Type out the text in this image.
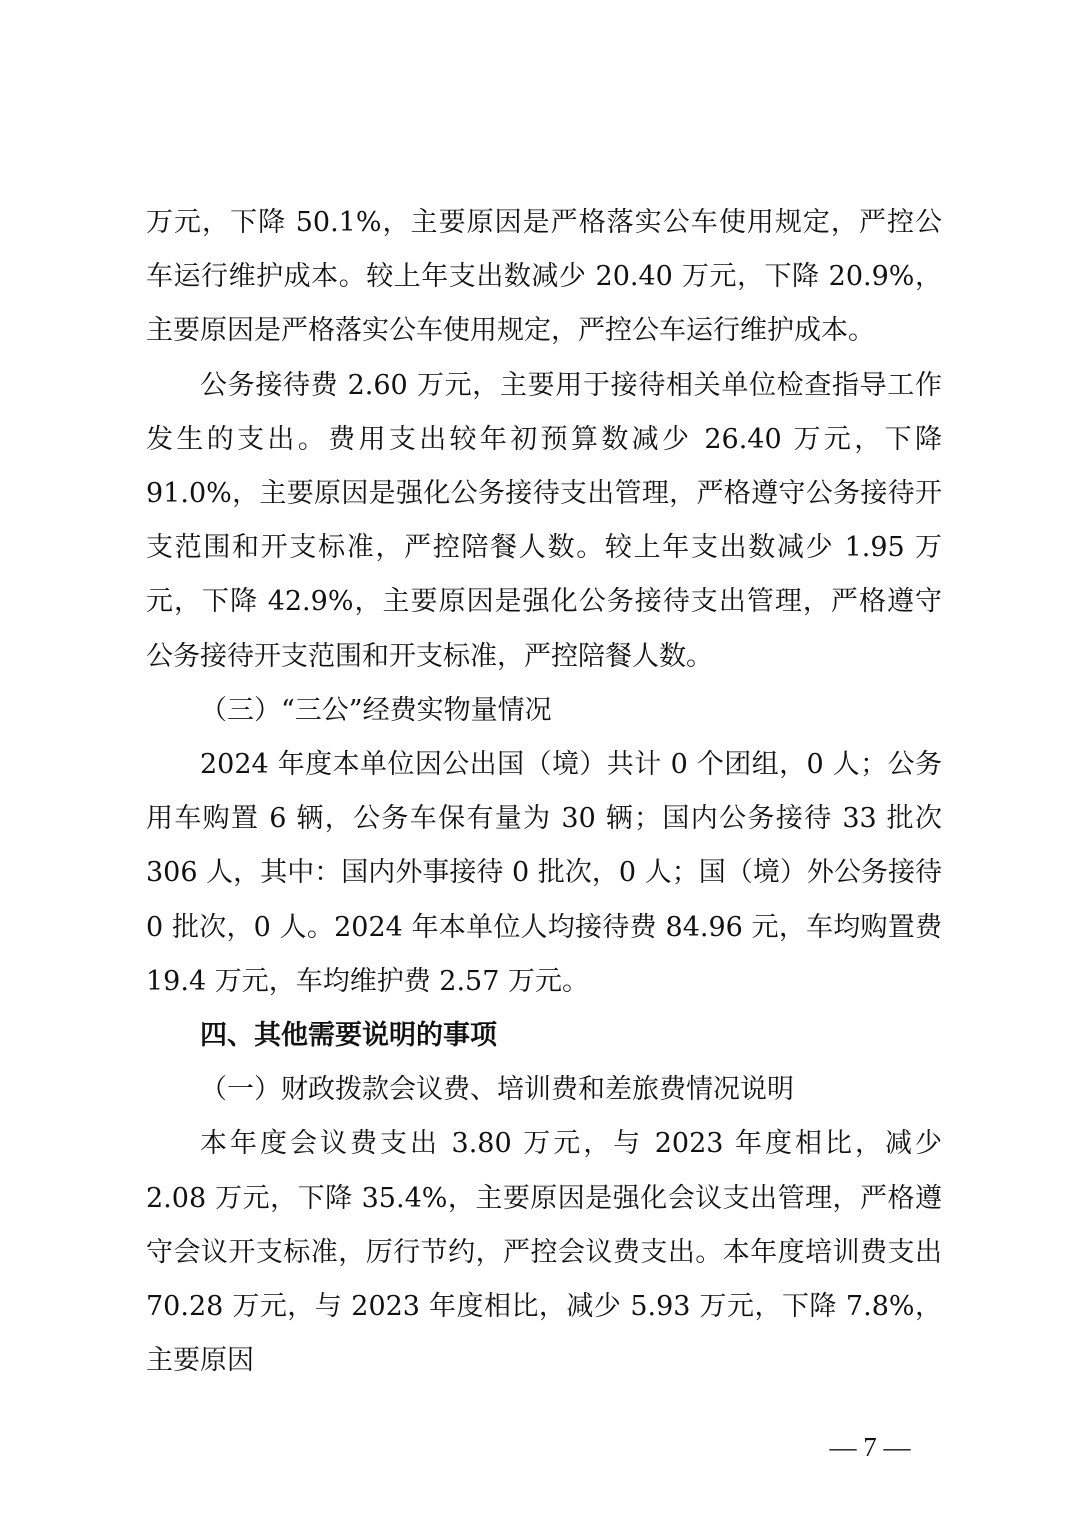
万元，下降 50.1%，主要原因是严格落实公车使用规定，严控公车运行维护成本。较上年支出数减少 20.40 万元，下降 20.9%，主要原因是严格落实公车使用规定，严控公车运行维护成本。

公务接待费 2.60 万元，主要用于接待相关单位检查指导工作发生的支出。费用支出较年初预算数减少 26.40 万元，下降 91.0%，主要原因是强化公务接待支出管理，严格遵守公务接待开支范围和开支标准，严控陪餐人数。较上年支出数减少 1.95 万元，下降 42.9%，主要原因是强化公务接待支出管理，严格遵守公务接待开支范围和开支标准，严控陪餐人数。

（三）“三公”经费实物量情况

2024 年度本单位因公出国（境）共计 0 个团组，0 人；公务用车购置 6 辆，公务车保有量为 30 辆；国内公务接待 33 批次 306 人，其中：国内外事接待 0 批次，0 人；国（境）外公务接待 0 批次，0 人。2024 年本单位人均接待费 84.96 元，车均购置费 19.4 万元，车均维护费 2.57 万元。

四、其他需要说明的事项

（一）财政拨款会议费、培训费和差旅费情况说明

本年度会议费支出 3.80 万元，与 2023 年度相比，减少 2.08 万元，下降 35.4%，主要原因是强化会议支出管理，严格遵守会议开支标准，厉行节约，严控会议费支出。本年度培训费支出 70.28 万元，与 2023 年度相比，减少 5.93 万元，下降 7.8%，主要原因

— 7 —
